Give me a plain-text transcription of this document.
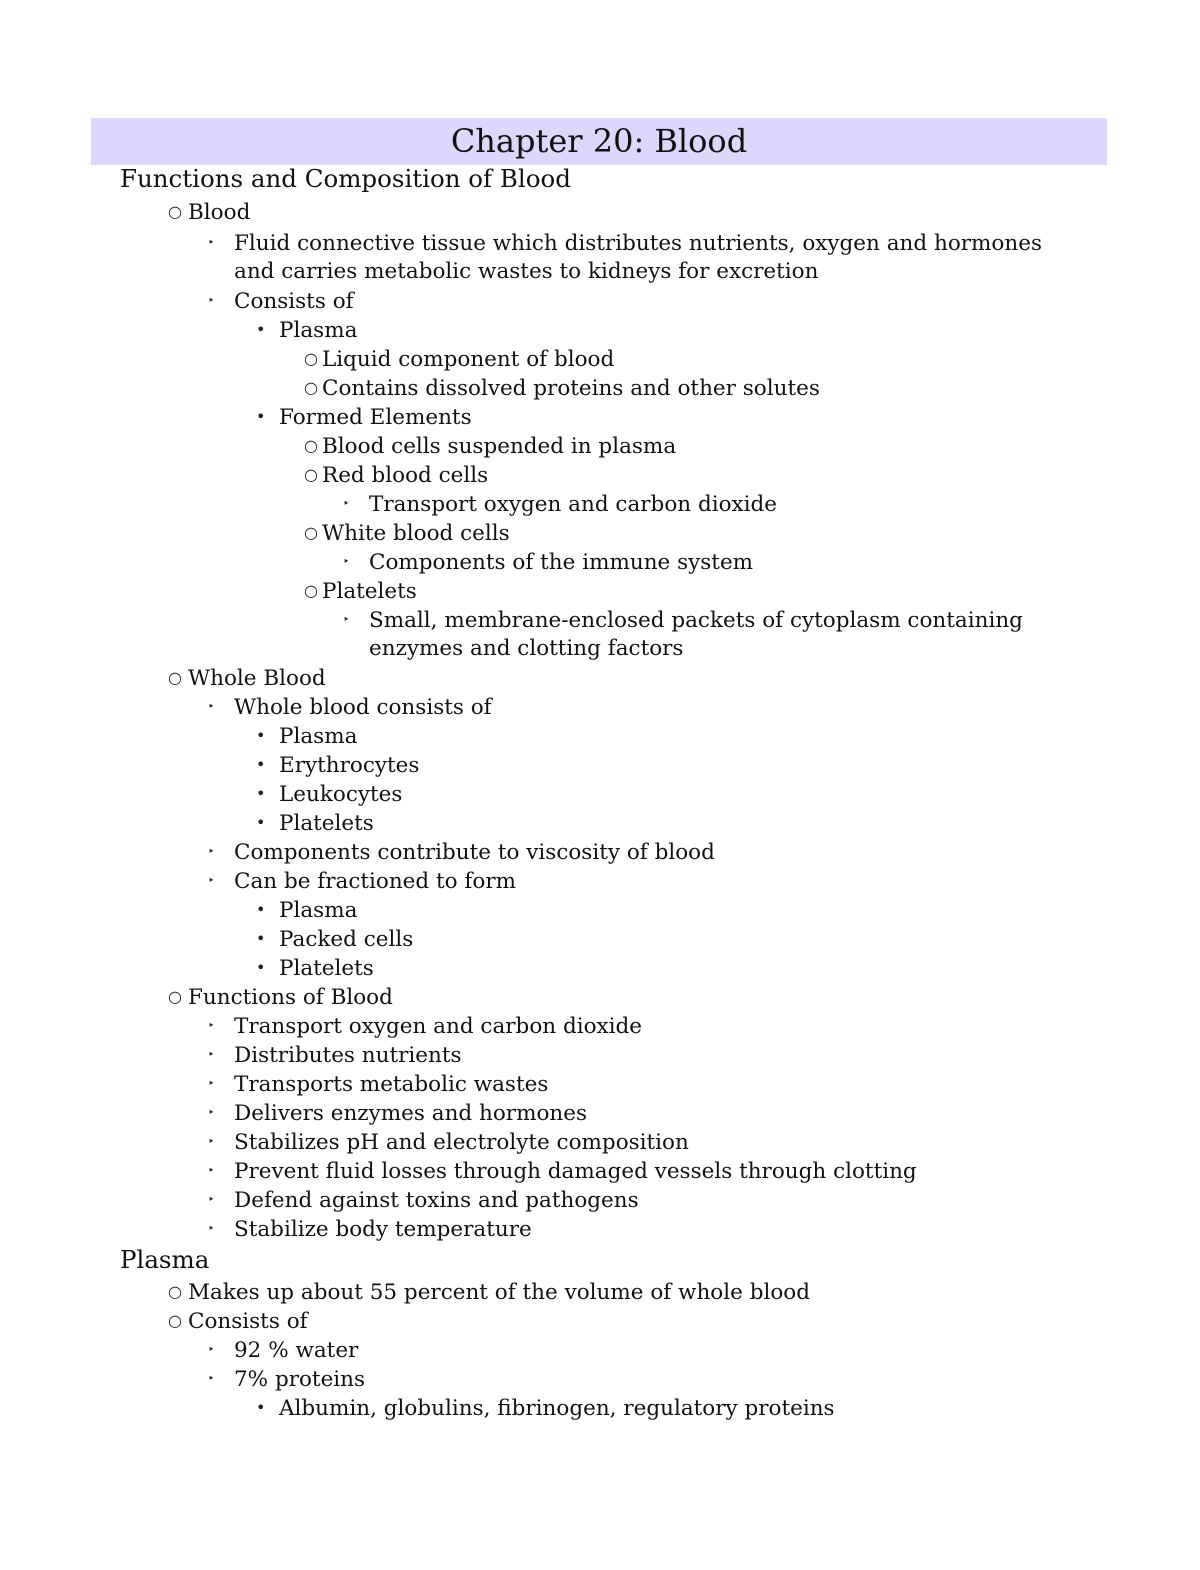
Chapter 20: Blood
Functions and Composition of Blood
○ Blood
‣ Fluid connective tissue which distributes nutrients, oxygen and hormones
and carries metabolic wastes to kidneys for excretion
‣ Consists of
• Plasma
○ Liquid component of blood
○ Contains dissolved proteins and other solutes
• Formed Elements
○ Blood cells suspended in plasma
○ Red blood cells
‣ Transport oxygen and carbon dioxide
○ White blood cells
‣ Components of the immune system
○ Platelets
‣ Small, membrane-enclosed packets of cytoplasm containing
enzymes and clotting factors
○ Whole Blood
‣ Whole blood consists of
• Plasma
• Erythrocytes
• Leukocytes
• Platelets
‣ Components contribute to viscosity of blood
‣ Can be fractioned to form
• Plasma
• Packed cells
• Platelets
○ Functions of Blood
‣ Transport oxygen and carbon dioxide
‣ Distributes nutrients
‣ Transports metabolic wastes
‣ Delivers enzymes and hormones
‣ Stabilizes pH and electrolyte composition
‣ Prevent fluid losses through damaged vessels through clotting
‣ Defend against toxins and pathogens
‣ Stabilize body temperature
Plasma
○ Makes up about 55 percent of the volume of whole blood
○ Consists of
‣ 92 % water
‣ 7% proteins
• Albumin, globulins, fibrinogen, regulatory proteins
